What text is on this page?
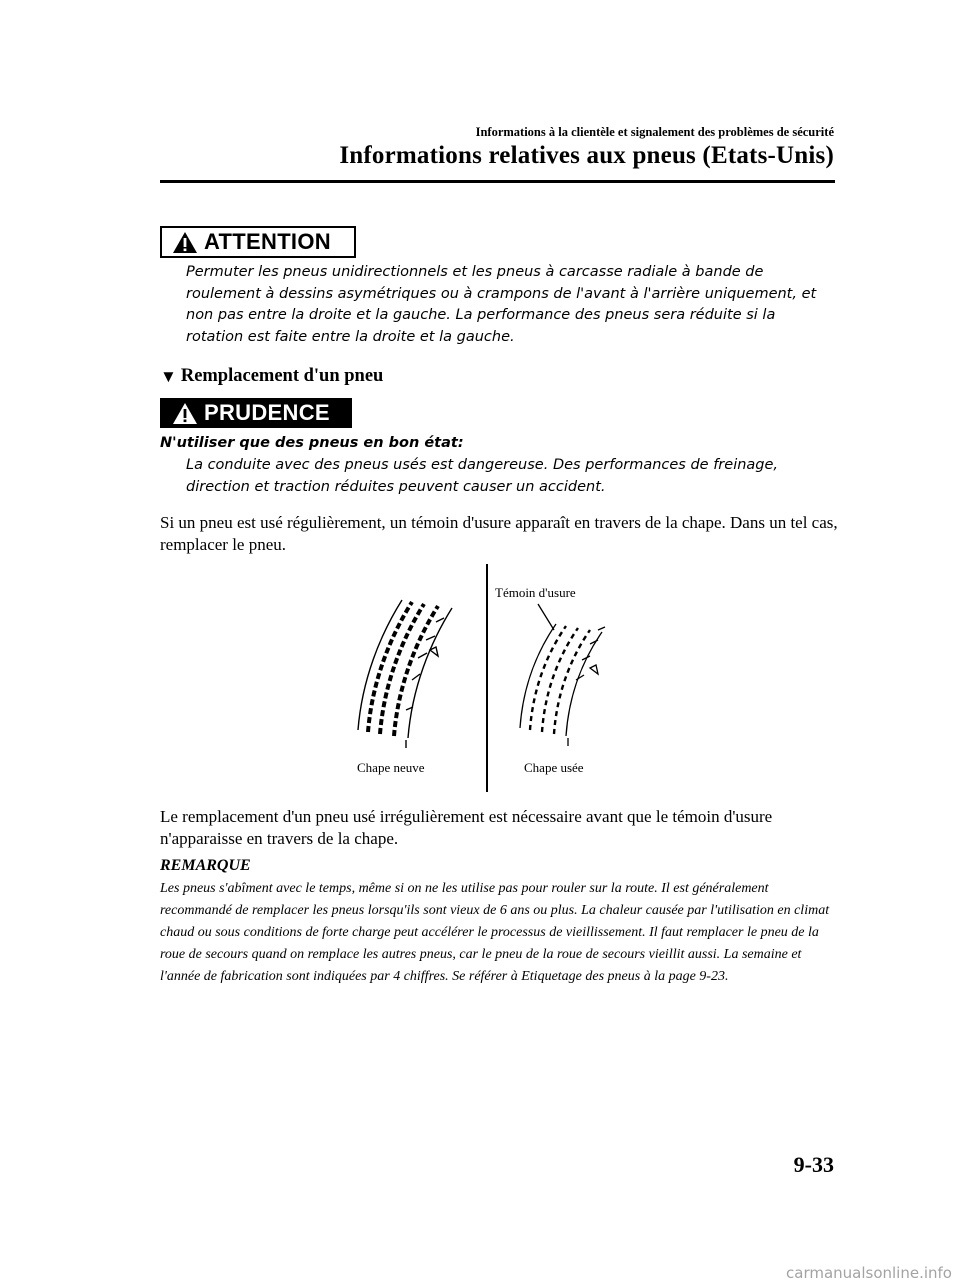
Informations à la clientèle et signalement des problèmes de sécurité
Informations relatives aux pneus (Etats-Unis)
ATTENTION
Permuter les pneus unidirectionnels et les pneus à carcasse radiale à bande de roulement à dessins asymétriques ou à crampons de l'avant à l'arrière uniquement, et non pas entre la droite et la gauche. La performance des pneus sera réduite si la rotation est faite entre la droite et la gauche.
▼ Remplacement d'un pneu
PRUDENCE
N'utiliser que des pneus en bon état:
La conduite avec des pneus usés est dangereuse. Des performances de freinage, direction et traction réduites peuvent causer un accident.
Si un pneu est usé régulièrement, un témoin d'usure apparaît en travers de la chape. Dans un tel cas, remplacer le pneu.
Témoin d'usure
Chape neuve	Chape usée
Le remplacement d'un pneu usé irrégulièrement est nécessaire avant que le témoin d'usure n'apparaisse en travers de la chape.
REMARQUE
Les pneus s'abîment avec le temps, même si on ne les utilise pas pour rouler sur la route. Il est généralement recommandé de remplacer les pneus lorsqu'ils sont vieux de 6 ans ou plus. La chaleur causée par l'utilisation en climat chaud ou sous conditions de forte charge peut accélérer le processus de vieillissement. Il faut remplacer le pneu de la roue de secours quand on remplace les autres pneus, car le pneu de la roue de secours vieillit aussi. La semaine et l'année de fabrication sont indiquées par 4 chiffres. Se référer à Etiquetage des pneus à la page 9-23.
9-33
carmanualsonline.info
